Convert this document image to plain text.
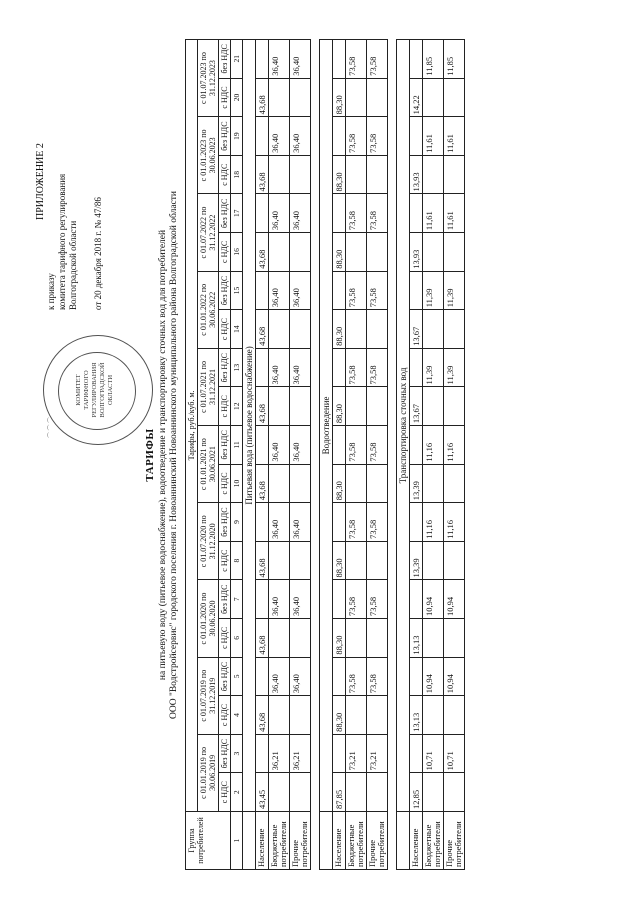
ПРИЛОЖЕНИЕ 2
к приказу комитета тарифного регулирования Волгоградской области от 20 декабря 2018 г. № 47/86
⌒ ⌒ ⌒
КОМИТЕТ ТАРИФНОГО РЕГУЛИРОВАНИЯ ВОЛГОГРАДСКОЙ ОБЛАСТИ
ТАРИФЫ на питьевую воду (питьевое водоснабжение), водоотведение и транспортировку сточных вод для потребителей ООО "Водстройсервис" городского поселения г. Новоаннинский Новоаннинского муниципального района Волгоградской области
Группа потребителей	Тарифы, руб./куб. м.																			
	с 01.01.2019 по 30.06.2019		с 01.07.2019 по 31.12.2019		с 01.01.2020 по 30.06.2020		с 01.07.2020 по 31.12.2020		с 01.01.2021 по 30.06.2021		с 01.07.2021 по 31.12.2021		с 01.01.2022 по 30.06.2022		с 01.07.2022 по 31.12.2022		с 01.01.2023 по 30.06.2023		с 01.07.2023 по 31.12.2023	
	с НДС	без НДС	с НДС	без НДС	с НДС	без НДС	с НДС	без НДС	с НДС	без НДС	с НДС	без НДС	с НДС	без НДС	с НДС	без НДС	с НДС	без НДС	с НДС	без НДС
1	2	3	4	5	6	7	8	9	10	11	12	13	14	15	16	17	18	19	20	21
	Питьевая вода (питьевое водоснабжение)																			
Население	43,45		43,68		43,68		43,68		43,68		43,68		43,68		43,68		43,68		43,68	
Бюджетные потребители		36,21		36,40		36,40		36,40		36,40		36,40		36,40		36,40		36,40		36,40
Прочие потребители		36,21		36,40		36,40		36,40		36,40		36,40		36,40		36,40		36,40		36,40

	Водоотведение																			
Население	87,85		88,30		88,30		88,30		88,30		88,30		88,30		88,30		88,30		88,30	
Бюджетные потребители		73,21		73,58		73,58		73,58		73,58		73,58		73,58		73,58		73,58		73,58
Прочие потребители		73,21		73,58		73,58		73,58		73,58		73,58		73,58		73,58		73,58		73,58

	Транспортировка сточных вод																			
Население	12,85		13,13		13,13		13,39		13,39		13,67		13,67		13,93		13,93		14,22	
Бюджетные потребители		10,71		10,94		10,94		11,16		11,16		11,39		11,39		11,61		11,61		11,85
Прочие потребители		10,71		10,94		10,94		11,16		11,16		11,39		11,39		11,61		11,61		11,85
